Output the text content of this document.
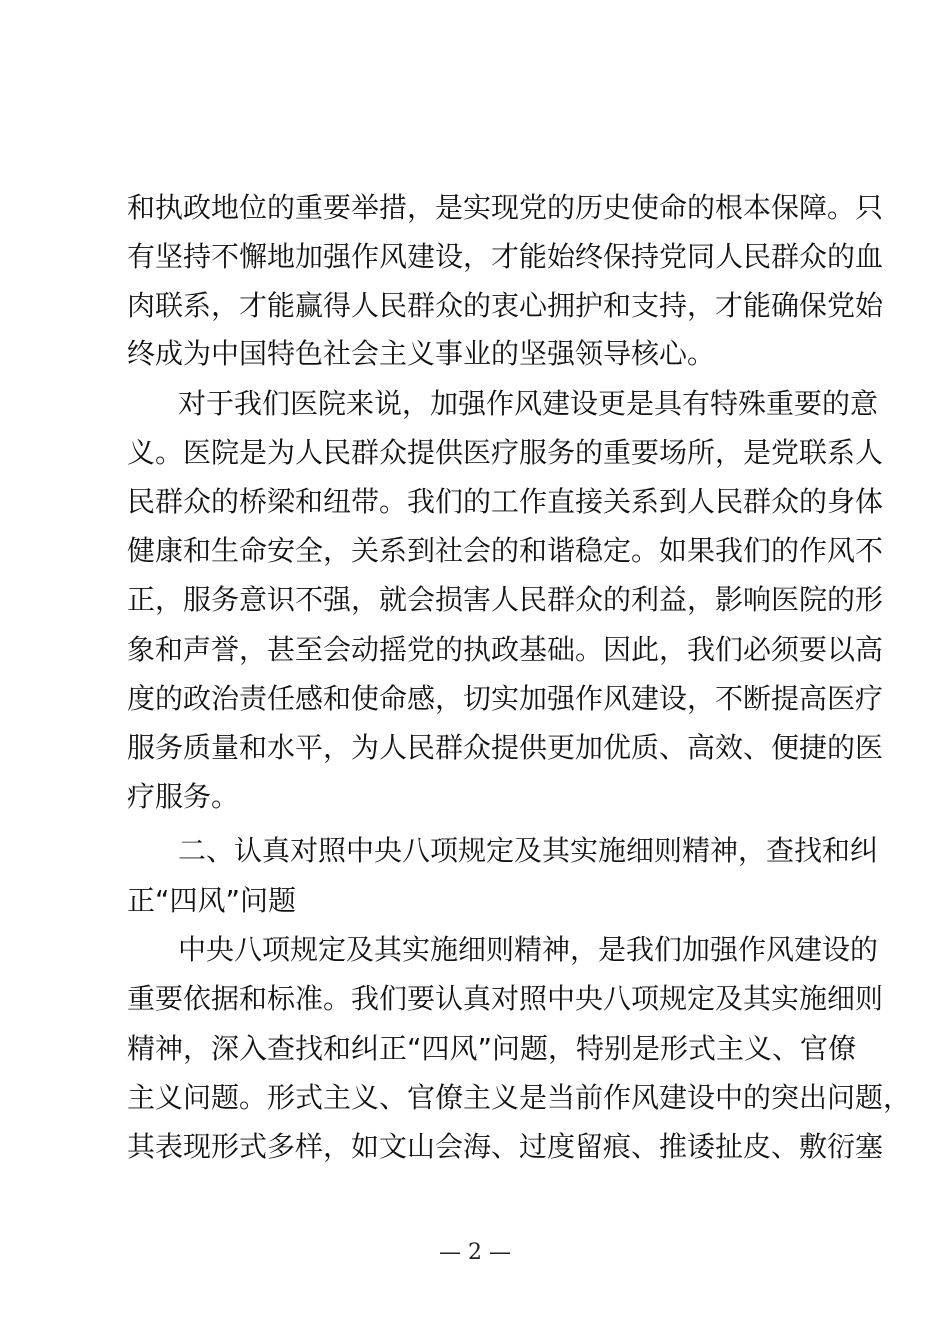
和执政地位的重要举措，是实现党的历史使命的根本保障。只
有坚持不懈地加强作风建设，才能始终保持党同人民群众的血
肉联系，才能赢得人民群众的衷心拥护和支持，才能确保党始
终成为中国特色社会主义事业的坚强领导核心。
对于我们医院来说，加强作风建设更是具有特殊重要的意
义。医院是为人民群众提供医疗服务的重要场所，是党联系人
民群众的桥梁和纽带。我们的工作直接关系到人民群众的身体
健康和生命安全，关系到社会的和谐稳定。如果我们的作风不
正，服务意识不强，就会损害人民群众的利益，影响医院的形
象和声誉，甚至会动摇党的执政基础。因此，我们必须要以高
度的政治责任感和使命感，切实加强作风建设，不断提高医疗
服务质量和水平，为人民群众提供更加优质、高效、便捷的医
疗服务。
二、认真对照中央八项规定及其实施细则精神，查找和纠
正“四风”问题
中央八项规定及其实施细则精神，是我们加强作风建设的
重要依据和标准。我们要认真对照中央八项规定及其实施细则
精神，深入查找和纠正“四风”问题，特别是形式主义、官僚
主义问题。形式主义、官僚主义是当前作风建设中的突出问题，
其表现形式多样，如文山会海、过度留痕、推诿扯皮、敷衍塞
— 2 —
